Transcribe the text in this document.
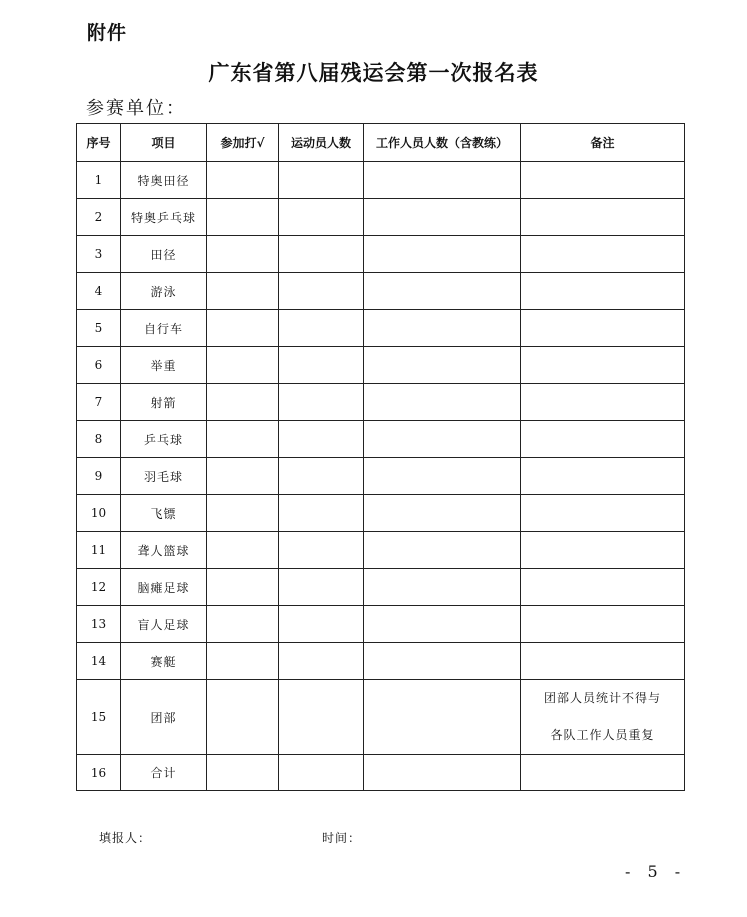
附件
广东省第八届残运会第一次报名表
参赛单位：
序号	项目	参加打√	运动员人数	工作人员人数（含教练）	备注
1	特奥田径				
2	特奥乒乓球				
3	田径				
4	游泳				
5	自行车				
6	举重				
7	射箭				
8	乒乓球				
9	羽毛球				
10	飞镖				
11	聋人篮球				
12	脑瘫足球				
13	盲人足球				
14	赛艇				
15	团部				团部人员统计不得与
各队工作人员重复

16	合计				
填报人：	时间：
- 5 -
